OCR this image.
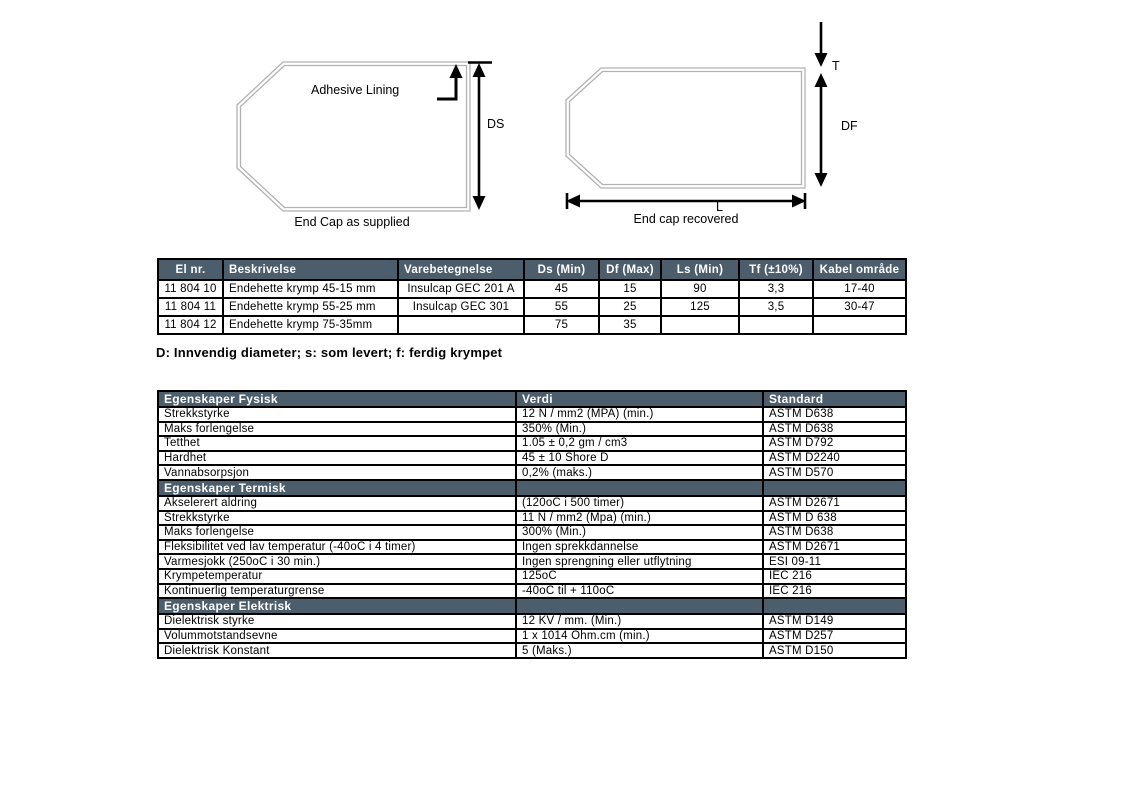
Adhesive Lining
DS
End Cap as supplied
T
DF
L
End cap recovered
El nr.	Beskrivelse	Varebetegnelse	Ds (Min)	Df (Max)	Ls (Min)	Tf (±10%)	Kabel område
11 804 10	Endehette krymp 45-15 mm	Insulcap GEC 201 A	45	15	90	3,3	17-40
11 804 11	Endehette krymp 55-25 mm	Insulcap GEC 301	55	25	125	3,5	30-47
11 804 12	Endehette krymp 75-35mm		75	35			

D: Innvendig diameter; s: som levert; f: ferdig krympet

Egenskaper Fysisk	Verdi	Standard
Strekkstyrke	12 N / mm2 (MPA) (min.)	ASTM D638
Maks forlengelse	350% (Min.)	ASTM D638
Tetthet	1.05 ± 0,2 gm / cm3	ASTM D792
Hardhet	45 ± 10 Shore D	ASTM D2240
Vannabsorpsjon	0,2% (maks.)	ASTM D570
Egenskaper Termisk		
Akselerert aldring	(120oC i 500 timer)	ASTM D2671
Strekkstyrke	11 N / mm2 (Mpa) (min.)	ASTM D 638
Maks forlengelse	300% (Min.)	ASTM D638
Fleksibilitet ved lav temperatur (-40oC i 4 timer)	Ingen sprekkdannelse	ASTM D2671
Varmesjokk (250oC i 30 min.)	Ingen sprengning eller utflytning	ESI 09-11
Krympetemperatur	125oC	IEC 216
Kontinuerlig temperaturgrense	-40oC til + 110oC	IEC 216
Egenskaper Elektrisk		
Dielektrisk styrke	12 KV / mm. (Min.)	ASTM D149
Volummotstandsevne	1 x 1014 Ohm.cm (min.)	ASTM D257
Dielektrisk Konstant	5 (Maks.)	ASTM D150
